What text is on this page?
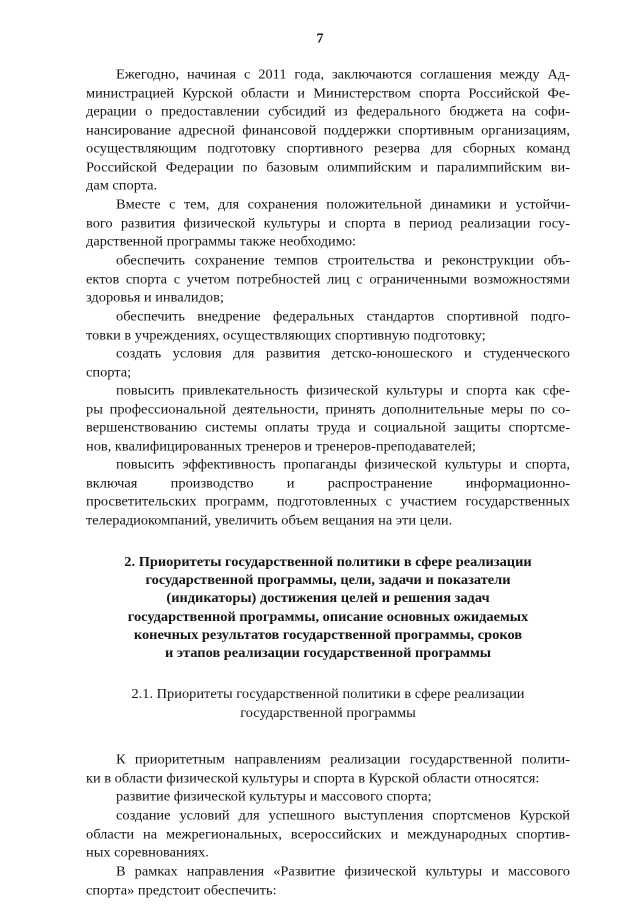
7
Ежегодно, начиная с 2011 года, заключаются соглашения между Ад-
министрацией Курской области и Министерством спорта Российской Фе-
дерации о предоставлении субсидий из федерального бюджета на софи-
нансирование адресной финансовой поддержки спортивным организациям,
осуществляющим подготовку спортивного резерва для сборных команд
Российской Федерации по базовым олимпийским и паралимпийским ви-
дам спорта.
Вместе с тем, для сохранения положительной динамики и устойчи-
вого развития физической культуры и спорта в период реализации госу-
дарственной программы также необходимо:
обеспечить сохранение темпов строительства и реконструкции объ-
ектов спорта с учетом потребностей лиц с ограниченными возможностями
здоровья и инвалидов;
обеспечить внедрение федеральных стандартов спортивной подго-
товки в учреждениях, осуществляющих спортивную подготовку;
создать условия для развития детско-юношеского и студенческого
спорта;
повысить привлекательность физической культуры и спорта как сфе-
ры профессиональной деятельности, принять дополнительные меры по со-
вершенствованию системы оплаты труда и социальной защиты спортсме-
нов, квалифицированных тренеров и тренеров-преподавателей;
повысить эффективность пропаганды физической культуры и спорта,
включая производство и распространение информационно-
просветительских программ, подготовленных с участием государственных
телерадиокомпаний, увеличить объем вещания на эти цели.
2. Приоритеты государственной политики в сфере реализации
государственной программы, цели, задачи и показатели
(индикаторы) достижения целей и решения задач
государственной программы, описание основных ожидаемых
конечных результатов государственной программы, сроков
и этапов реализации государственной программы
2.1. Приоритеты государственной политики в сфере реализации
государственной программы
К приоритетным направлениям реализации государственной полити-
ки в области физической культуры и спорта в Курской области относятся:
развитие физической культуры и массового спорта;
создание условий для успешного выступления спортсменов Курской
области на межрегиональных, всероссийских и международных спортив-
ных соревнованиях.
В рамках направления «Развитие физической культуры и массового
спорта» предстоит обеспечить:
